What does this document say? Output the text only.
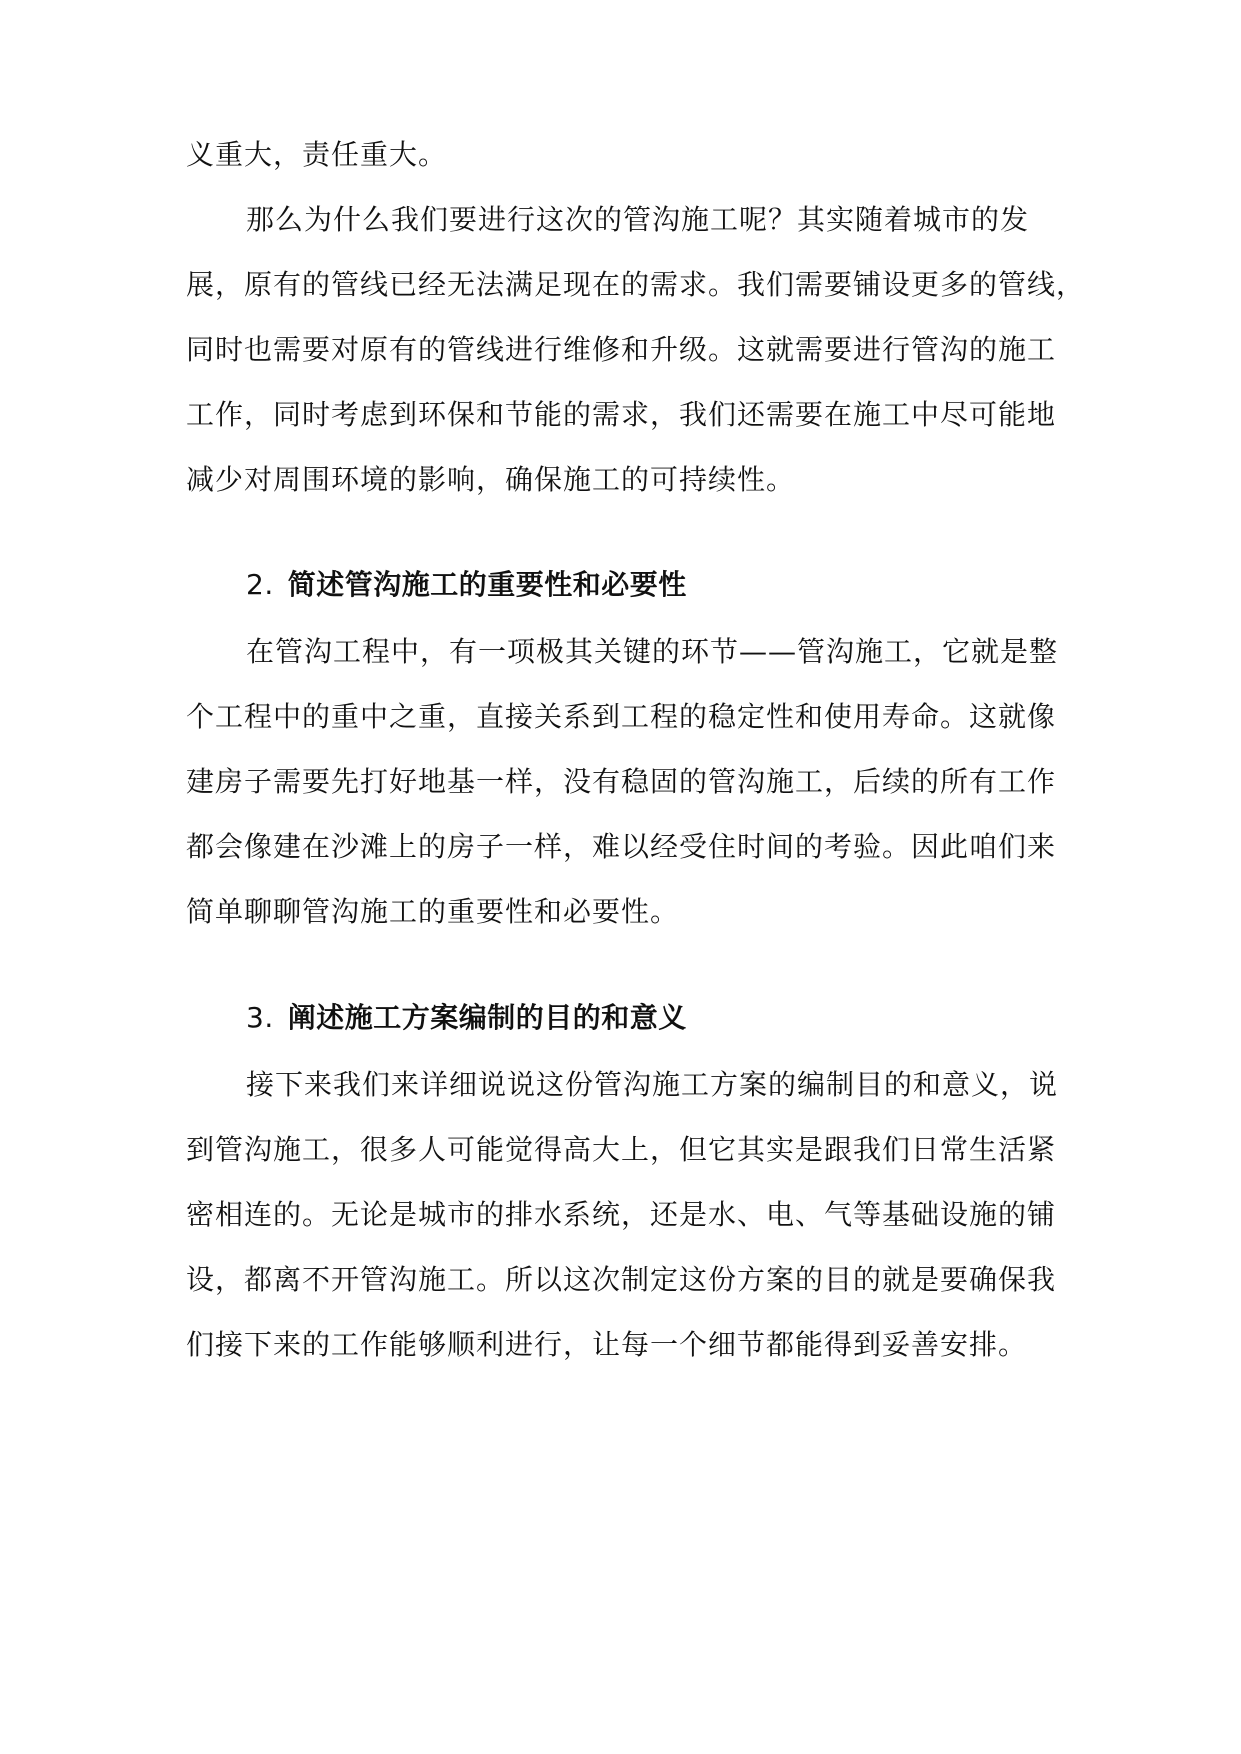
义重大，责任重大。
那么为什么我们要进行这次的管沟施工呢？其实随着城市的发
展，原有的管线已经无法满足现在的需求。我们需要铺设更多的管线，
同时也需要对原有的管线进行维修和升级。这就需要进行管沟的施工
工作，同时考虑到环保和节能的需求，我们还需要在施工中尽可能地
减少对周围环境的影响，确保施工的可持续性。
2. 简述管沟施工的重要性和必要性
在管沟工程中，有一项极其关键的环节——管沟施工，它就是整
个工程中的重中之重，直接关系到工程的稳定性和使用寿命。这就像
建房子需要先打好地基一样，没有稳固的管沟施工，后续的所有工作
都会像建在沙滩上的房子一样，难以经受住时间的考验。因此咱们来
简单聊聊管沟施工的重要性和必要性。
3. 阐述施工方案编制的目的和意义
接下来我们来详细说说这份管沟施工方案的编制目的和意义，说
到管沟施工，很多人可能觉得高大上，但它其实是跟我们日常生活紧
密相连的。无论是城市的排水系统，还是水、电、气等基础设施的铺
设，都离不开管沟施工。所以这次制定这份方案的目的就是要确保我
们接下来的工作能够顺利进行，让每一个细节都能得到妥善安排。
